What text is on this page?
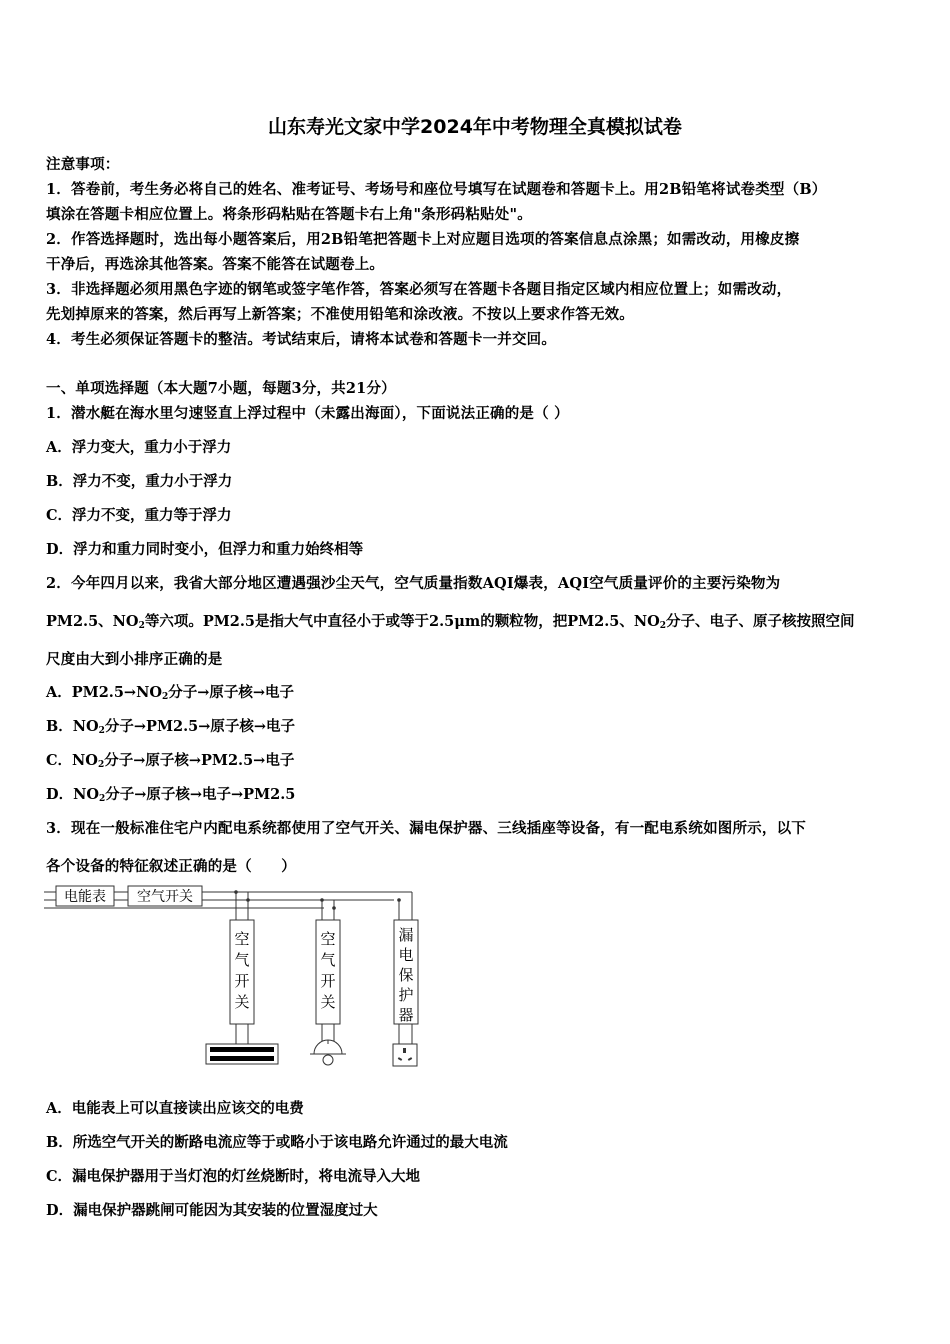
山东寿光文家中学2024年中考物理全真模拟试卷
注意事项：
1．答卷前，考生务必将自己的姓名、准考证号、考场号和座位号填写在试题卷和答题卡上。用2B铅笔将试卷类型（B）
填涂在答题卡相应位置上。将条形码粘贴在答题卡右上角"条形码粘贴处"。
2．作答选择题时，选出每小题答案后，用2B铅笔把答题卡上对应题目选项的答案信息点涂黑；如需改动，用橡皮擦
干净后，再选涂其他答案。答案不能答在试题卷上。
3．非选择题必须用黑色字迹的钢笔或签字笔作答，答案必须写在答题卡各题目指定区域内相应位置上；如需改动，
先划掉原来的答案，然后再写上新答案；不准使用铅笔和涂改液。不按以上要求作答无效。
4．考生必须保证答题卡的整洁。考试结束后，请将本试卷和答题卡一并交回。
一、单项选择题（本大题7小题，每题3分，共21分）
1．潜水艇在海水里匀速竖直上浮过程中（未露出海面），下面说法正确的是（ ）
A．浮力变大，重力小于浮力
B．浮力不变，重力小于浮力
C．浮力不变，重力等于浮力
D．浮力和重力同时变小，但浮力和重力始终相等
2．今年四月以来，我省大部分地区遭遇强沙尘天气，空气质量指数AQI爆表，AQI空气质量评价的主要污染物为
PM2.5、$NO_2$等六项。PM2.5是指大气中直径小于或等于2.5μm的颗粒物，把PM2.5、$NO_2$分子、电子、原子核按照空间
尺度由大到小排序正确的是
A．$PM2.5\to NO_2$分子→原子核→电子
B．$NO_2$分子→PM2.5→原子核→电子
C．$NO_2$分子→原子核→PM2.5→电子
D．$NO_2$分子→原子核→电子→PM2.5
3．现在一般标准住宅户内配电系统都使用了空气开关、漏电保护器、三线插座等设备，有一配电系统如图所示，以下
各个设备的特征叙述正确的是（　　）
电能表 空气开关
空
气
开
关
空
气
开
关
漏
电
保
护
器
A．电能表上可以直接读出应该交的电费
B．所选空气开关的断路电流应等于或略小于该电路允许通过的最大电流
C．漏电保护器用于当灯泡的灯丝烧断时，将电流导入大地
D．漏电保护器跳闸可能因为其安装的位置湿度过大
